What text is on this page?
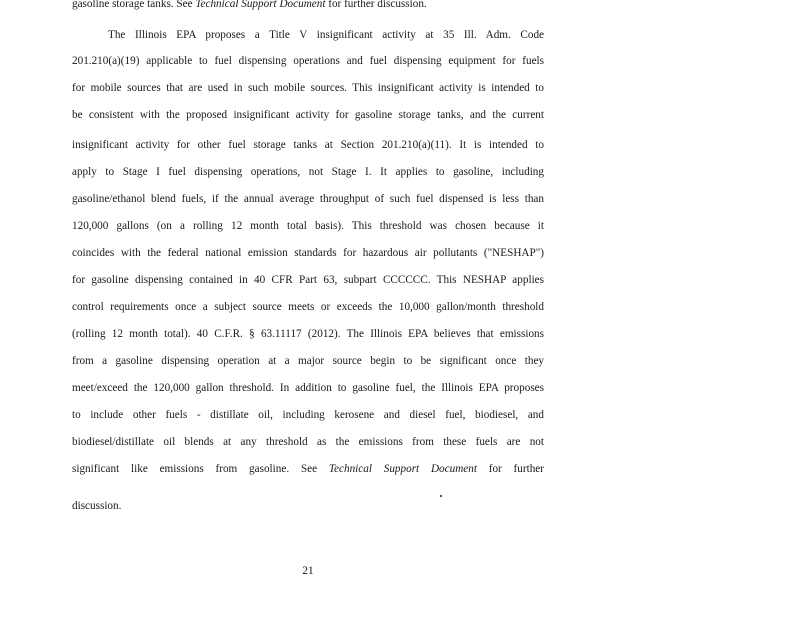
gasoline storage tanks. See Technical Support Document for further discussion.
The Illinois EPA proposes a Title V insignificant activity at 35 Ill. Adm. Code
201.210(a)(19) applicable to fuel dispensing operations and fuel dispensing equipment for fuels
for mobile sources that are used in such mobile sources. This insignificant activity is intended to
be consistent with the proposed insignificant activity for gasoline storage tanks, and the current
insignificant activity for other fuel storage tanks at Section 201.210(a)(11). It is intended to
apply to Stage I fuel dispensing operations, not Stage I. It applies to gasoline, including
gasoline/ethanol blend fuels, if the annual average throughput of such fuel dispensed is less than
120,000 gallons (on a rolling 12 month total basis). This threshold was chosen because it
coincides with the federal national emission standards for hazardous air pollutants ("NESHAP")
for gasoline dispensing contained in 40 CFR Part 63, subpart CCCCCC. This NESHAP applies
control requirements once a subject source meets or exceeds the 10,000 gallon/month threshold
(rolling 12 month total). 40 C.F.R. § 63.11117 (2012). The Illinois EPA believes that emissions
from a gasoline dispensing operation at a major source begin to be significant once they
meet/exceed the 120,000 gallon threshold. In addition to gasoline fuel, the Illinois EPA proposes
to include other fuels - distillate oil, including kerosene and diesel fuel, biodiesel, and
biodiesel/distillate oil blends at any threshold as the emissions from these fuels are not
significant like emissions from gasoline. See Technical Support Document for further
discussion.
21
